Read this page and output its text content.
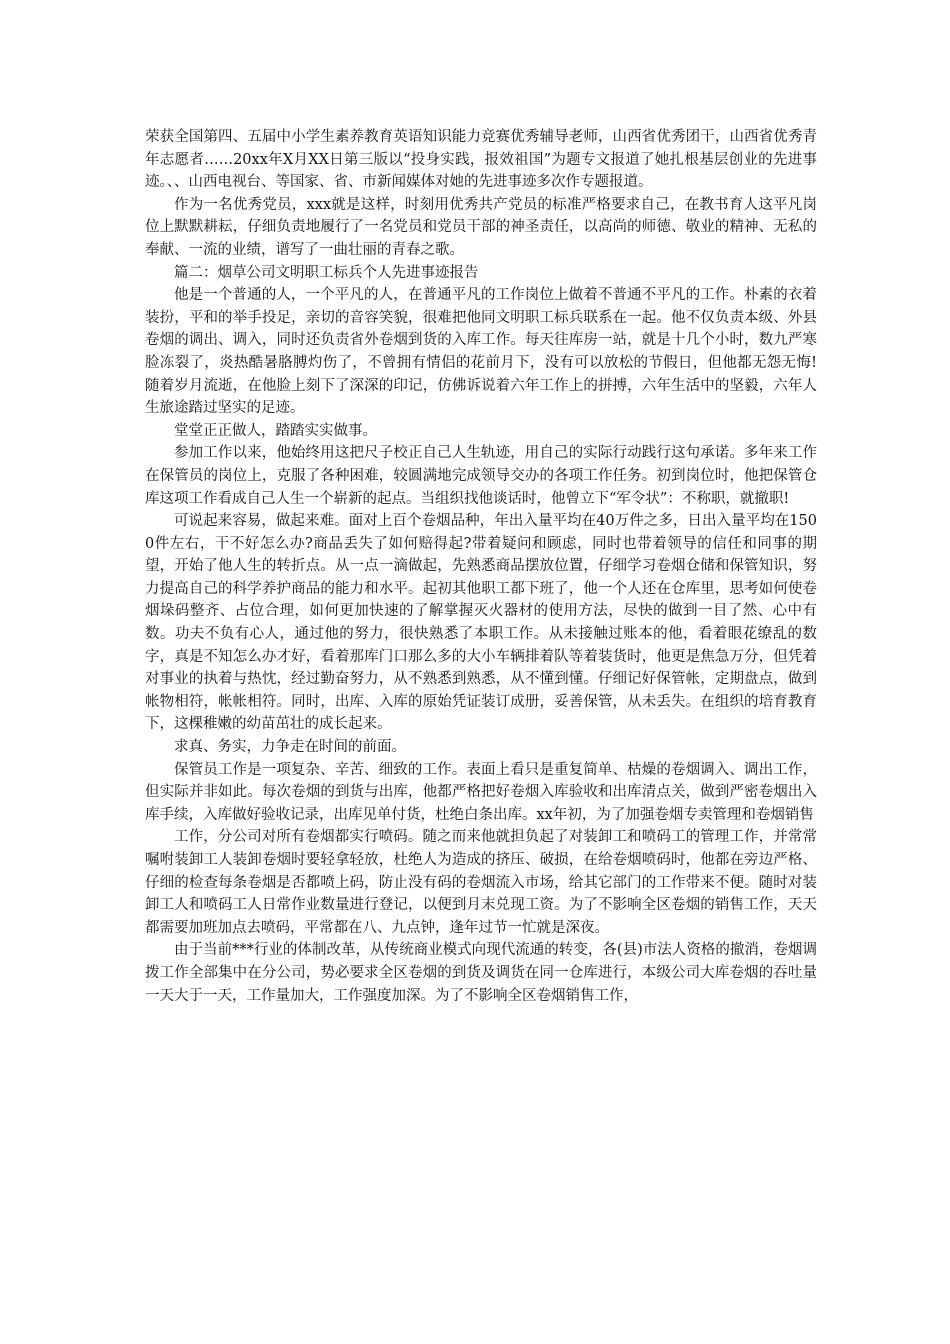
荣获全国第四、五届中小学生素养教育英语知识能力竞赛优秀辅导老师，山西省优秀团干，山西省优秀青年志愿者……20xx年X月XX日第三版以“投身实践，报效祖国”为题专文报道了她扎根基层创业的先进事迹。、、山西电视台、等国家、省、市新闻媒体对她的先进事迹多次作专题报道。

作为一名优秀党员，xxx就是这样，时刻用优秀共产党员的标准严格要求自己，在教书育人这平凡岗位上默默耕耘，仔细负责地履行了一名党员和党员干部的神圣责任，以高尚的师德、敬业的精神、无私的奉献、一流的业绩，谱写了一曲壮丽的青春之歌。

篇二：烟草公司文明职工标兵个人先进事迹报告

他是一个普通的人，一个平凡的人，在普通平凡的工作岗位上做着不普通不平凡的工作。朴素的衣着装扮，平和的举手投足，亲切的音容笑貌，很难把他同文明职工标兵联系在一起。他不仅负责本级、外县卷烟的调出、调入，同时还负责省外卷烟到货的入库工作。每天往库房一站，就是十几个小时，数九严寒脸冻裂了，炎热酷暑胳膊灼伤了，不曾拥有情侣的花前月下，没有可以放松的节假日，但他都无怨无悔!随着岁月流逝，在他脸上刻下了深深的印记，仿佛诉说着六年工作上的拼搏，六年生活中的坚毅，六年人生旅途踏过坚实的足迹。

堂堂正正做人，踏踏实实做事。

参加工作以来，他始终用这把尺子校正自己人生轨迹，用自己的实际行动践行这句承诺。多年来工作在保管员的岗位上，克服了各种困难，较圆满地完成领导交办的各项工作任务。初到岗位时，他把保管仓库这项工作看成自己人生一个崭新的起点。当组织找他谈话时，他曾立下“军令状”：不称职，就撤职!

可说起来容易，做起来难。面对上百个卷烟品种，年出入量平均在40万件之多，日出入量平均在1500件左右，干不好怎么办?商品丢失了如何赔得起?带着疑问和顾虑，同时也带着领导的信任和同事的期望，开始了他人生的转折点。从一点一滴做起，先熟悉商品摆放位置，仔细学习卷烟仓储和保管知识，努力提高自己的科学养护商品的能力和水平。起初其他职工都下班了，他一个人还在仓库里，思考如何使卷烟垛码整齐、占位合理，如何更加快速的了解掌握灭火器材的使用方法，尽快的做到一目了然、心中有数。功夫不负有心人，通过他的努力，很快熟悉了本职工作。从未接触过账本的他，看着眼花缭乱的数字，真是不知怎么办才好，看着那库门口那么多的大小车辆排着队等着装货时，他更是焦急万分，但凭着对事业的执着与热忱，经过勤奋努力，从不熟悉到熟悉，从不懂到懂。仔细记好保管帐，定期盘点，做到帐物相符，帐帐相符。同时，出库、入库的原始凭证装订成册，妥善保管，从未丢失。在组织的培育教育下，这棵稚嫩的幼苗茁壮的成长起来。

求真、务实，力争走在时间的前面。

保管员工作是一项复杂、辛苦、细致的工作。表面上看只是重复简单、枯燥的卷烟调入、调出工作，但实际并非如此。每次卷烟的到货与出库，他都严格把好卷烟入库验收和出库清点关，做到严密卷烟出入库手续，入库做好验收记录，出库见单付货，杜绝白条出库。xx年初，为了加强卷烟专卖管理和卷烟销售

工作，分公司对所有卷烟都实行喷码。随之而来他就担负起了对装卸工和喷码工的管理工作，并常常嘱咐装卸工人装卸卷烟时要轻拿轻放，杜绝人为造成的挤压、破损，在给卷烟喷码时，他都在旁边严格、仔细的检查每条卷烟是否都喷上码，防止没有码的卷烟流入市场，给其它部门的工作带来不便。随时对装卸工人和喷码工人日常作业数量进行登记，以便到月末兑现工资。为了不影响全区卷烟的销售工作，天天都需要加班加点去喷码，平常都在八、九点钟，逢年过节一忙就是深夜。

由于当前***行业的体制改革，从传统商业模式向现代流通的转变，各(县)市法人资格的撤消，卷烟调拨工作全部集中在分公司，势必要求全区卷烟的到货及调货在同一仓库进行，本级公司大库卷烟的吞吐量一天大于一天，工作量加大，工作强度加深。为了不影响全区卷烟销售工作，
